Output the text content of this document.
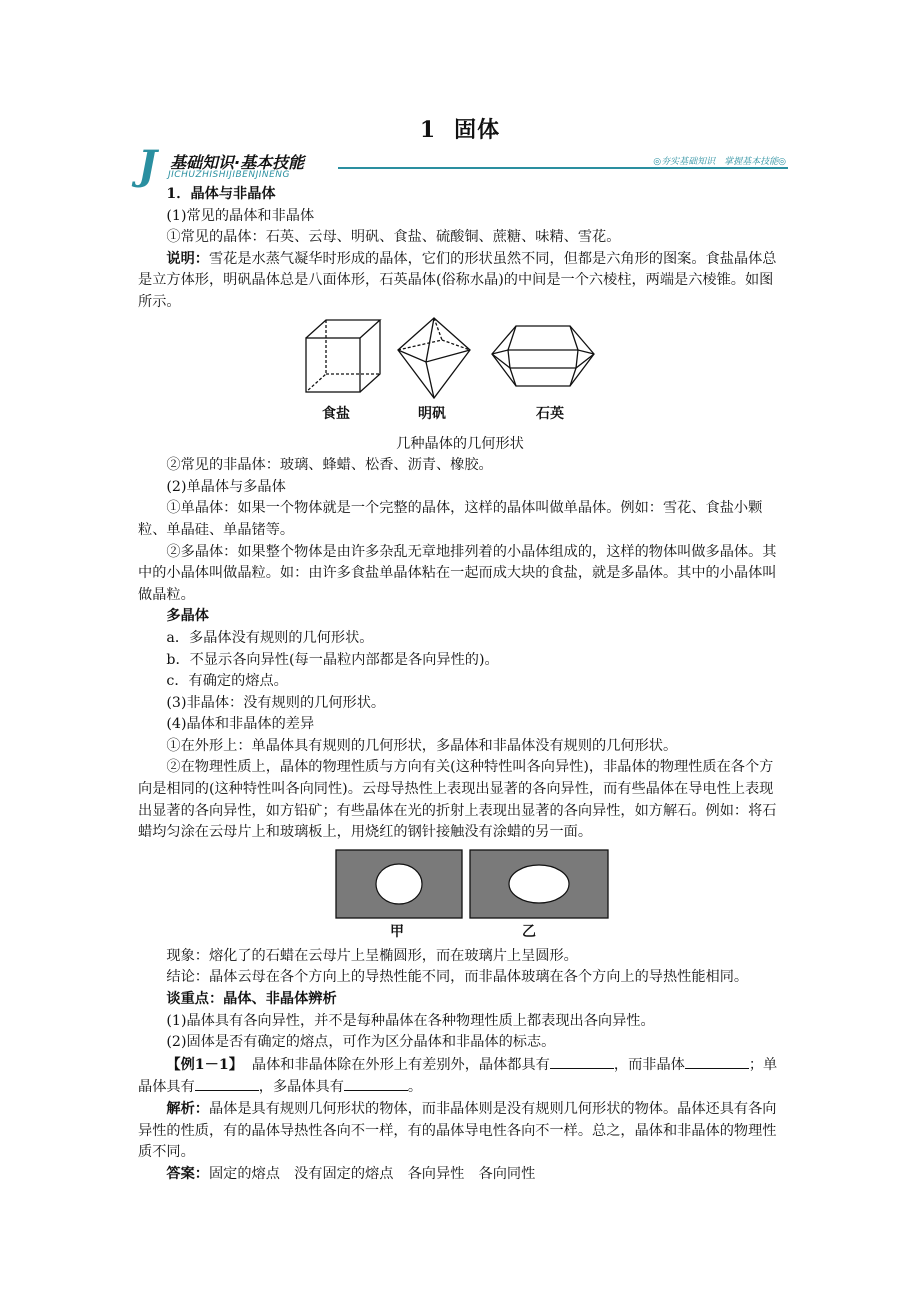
1 固体
J 基础知识·基本技能
JICHUZHISHIJIBENJINENG
◎夯实基础知识　掌握基本技能◎

1．晶体与非晶体

(1)常见的晶体和非晶体

①常见的晶体：石英、云母、明矾、食盐、硫酸铜、蔗糖、味精、雪花。

说明：雪花是水蒸气凝华时形成的晶体，它们的形状虽然不同，但都是六角形的图案。食盐晶体总是立方体形，明矾晶体总是八面体形，石英晶体(俗称水晶)的中间是一个六棱柱，两端是六棱锥。如图所示。

食盐	明矾	石英

几种晶体的几何形状

②常见的非晶体：玻璃、蜂蜡、松香、沥青、橡胶。

(2)单晶体与多晶体

①单晶体：如果一个物体就是一个完整的晶体，这样的晶体叫做单晶体。例如：雪花、食盐小颗粒、单晶硅、单晶锗等。

②多晶体：如果整个物体是由许多杂乱无章地排列着的小晶体组成的，这样的物体叫做多晶体。其中的小晶体叫做晶粒。如：由许多食盐单晶体粘在一起而成大块的食盐，就是多晶体。其中的小晶体叫做晶粒。

多晶体

a．多晶体没有规则的几何形状。

b．不显示各向异性(每一晶粒内部都是各向异性的)。

c．有确定的熔点。

(3)非晶体：没有规则的几何形状。

(4)晶体和非晶体的差异

①在外形上：单晶体具有规则的几何形状，多晶体和非晶体没有规则的几何形状。

②在物理性质上，晶体的物理性质与方向有关(这种特性叫各向异性)，非晶体的物理性质在各个方向是相同的(这种特性叫各向同性)。云母导热性上表现出显著的各向异性，而有些晶体在导电性上表现出显著的各向异性，如方铅矿；有些晶体在光的折射上表现出显著的各向异性，如方解石。例如：将石蜡均匀涂在云母片上和玻璃板上，用烧红的钢针接触没有涂蜡的另一面。

甲	乙

现象：熔化了的石蜡在云母片上呈椭圆形，而在玻璃片上呈圆形。

结论：晶体云母在各个方向上的导热性能不同，而非晶体玻璃在各个方向上的导热性能相同。

谈重点：晶体、非晶体辨析

(1)晶体具有各向异性，并不是每种晶体在各种物理性质上都表现出各向异性。

(2)固体是否有确定的熔点，可作为区分晶体和非晶体的标志。

【例1－1】 晶体和非晶体除在外形上有差别外，晶体都具有	，而非晶体	；单晶体具有	，多晶体具有	。

解析：晶体是具有规则几何形状的物体，而非晶体则是没有规则几何形状的物体。晶体还具有各向异性的性质，有的晶体导热性各向不一样，有的晶体导电性各向不一样。总之，晶体和非晶体的物理性质不同。

答案：固定的熔点　没有固定的熔点　各向异性　各向同性
